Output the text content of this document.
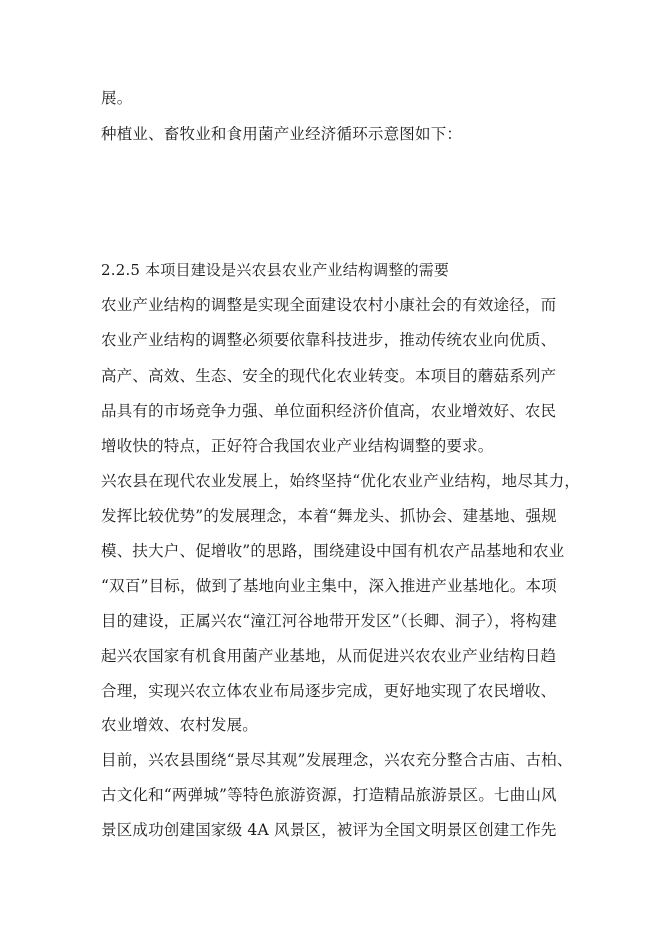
展。
种植业、畜牧业和食用菌产业经济循环示意图如下：
2.2.5 本项目建设是兴农县农业产业结构调整的需要
农业产业结构的调整是实现全面建设农村小康社会的有效途径，而
农业产业结构的调整必须要依靠科技进步，推动传统农业向优质、
高产、高效、生态、安全的现代化农业转变。本项目的蘑菇系列产
品具有的市场竞争力强、单位面积经济价值高，农业增效好、农民
增收快的特点，正好符合我国农业产业结构调整的要求。
兴农县在现代农业发展上，始终坚持“优化农业产业结构，地尽其力，
发挥比较优势”的发展理念，本着“舞龙头、抓协会、建基地、强规
模、扶大户、促增收”的思路，围绕建设中国有机农产品基地和农业
“双百”目标，做到了基地向业主集中，深入推进产业基地化。本项
目的建设，正属兴农“潼江河谷地带开发区”（长卿、洞子），将构建
起兴农国家有机食用菌产业基地，从而促进兴农农业产业结构日趋
合理，实现兴农立体农业布局逐步完成，更好地实现了农民增收、
农业增效、农村发展。
目前，兴农县围绕“景尽其观”发展理念，兴农充分整合古庙、古柏、
古文化和“两弹城”等特色旅游资源，打造精品旅游景区。七曲山风
景区成功创建国家级 4A 风景区，被评为全国文明景区创建工作先
